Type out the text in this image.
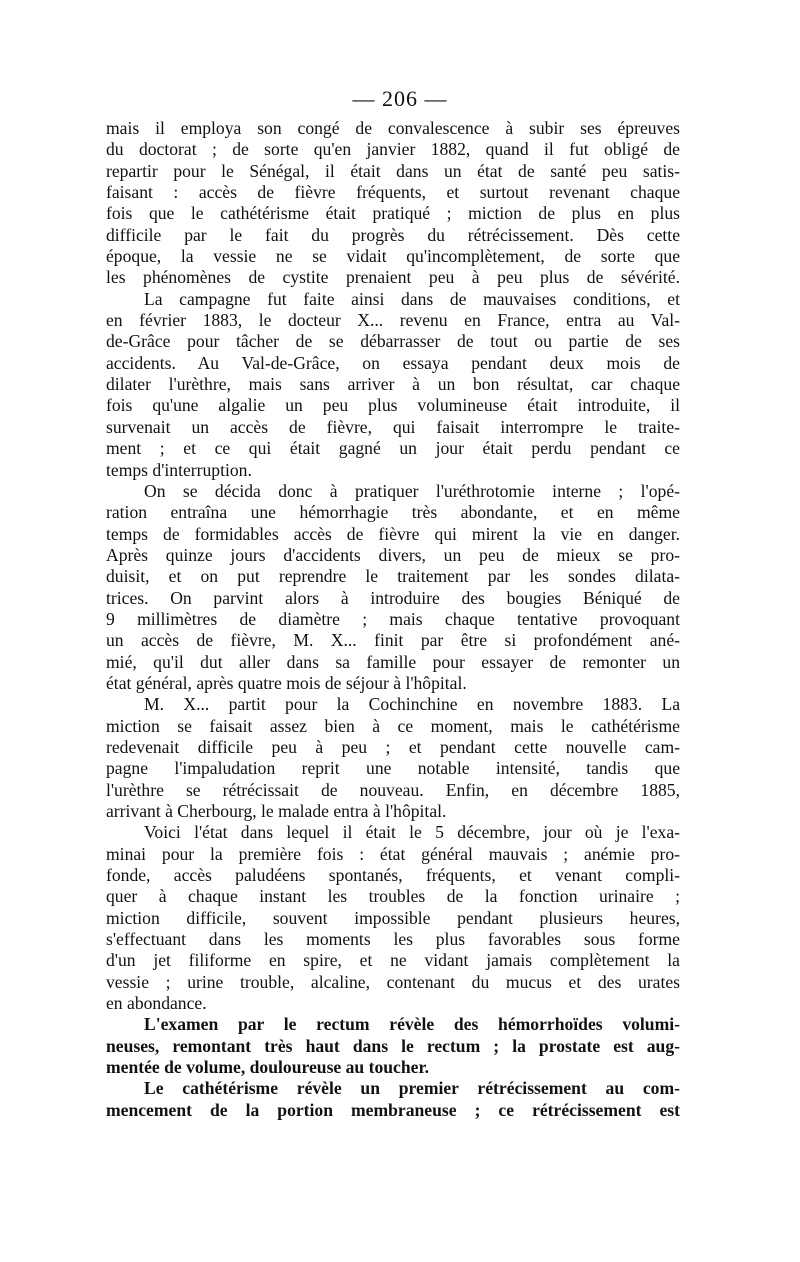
— 206 —
mais il employa son congé de convalescence à subir ses épreuves
du doctorat ; de sorte qu'en janvier 1882, quand il fut obligé de
repartir pour le Sénégal, il était dans un état de santé peu satis-
faisant : accès de fièvre fréquents, et surtout revenant chaque
fois que le cathétérisme était pratiqué ; miction de plus en plus
difficile par le fait du progrès du rétrécissement. Dès cette
époque, la vessie ne se vidait qu'incomplètement, de sorte que
les phénomènes de cystite prenaient peu à peu plus de sévérité.
La campagne fut faite ainsi dans de mauvaises conditions, et
en février 1883, le docteur X... revenu en France, entra au Val-
de-Grâce pour tâcher de se débarrasser de tout ou partie de ses
accidents. Au Val-de-Grâce, on essaya pendant deux mois de
dilater l'urèthre, mais sans arriver à un bon résultat, car chaque
fois qu'une algalie un peu plus volumineuse était introduite, il
survenait un accès de fièvre, qui faisait interrompre le traite-
ment ; et ce qui était gagné un jour était perdu pendant ce
temps d'interruption.
On se décida donc à pratiquer l'uréthrotomie interne ; l'opé-
ration entraîna une hémorrhagie très abondante, et en même
temps de formidables accès de fièvre qui mirent la vie en danger.
Après quinze jours d'accidents divers, un peu de mieux se pro-
duisit, et on put reprendre le traitement par les sondes dilata-
trices. On parvint alors à introduire des bougies Béniqué de
9 millimètres de diamètre ; mais chaque tentative provoquant
un accès de fièvre, M. X... finit par être si profondément ané-
mié, qu'il dut aller dans sa famille pour essayer de remonter un
état général, après quatre mois de séjour à l'hôpital.
M. X... partit pour la Cochinchine en novembre 1883. La
miction se faisait assez bien à ce moment, mais le cathétérisme
redevenait difficile peu à peu ; et pendant cette nouvelle cam-
pagne l'impaludation reprit une notable intensité, tandis que
l'urèthre se rétrécissait de nouveau. Enfin, en décembre 1885,
arrivant à Cherbourg, le malade entra à l'hôpital.
Voici l'état dans lequel il était le 5 décembre, jour où je l'exa-
minai pour la première fois : état général mauvais ; anémie pro-
fonde, accès paludéens spontanés, fréquents, et venant compli-
quer à chaque instant les troubles de la fonction urinaire ;
miction difficile, souvent impossible pendant plusieurs heures,
s'effectuant dans les moments les plus favorables sous forme
d'un jet filiforme en spire, et ne vidant jamais complètement la
vessie ; urine trouble, alcaline, contenant du mucus et des urates
en abondance.
L'examen par le rectum révèle des hémorrhoïdes volumi-
neuses, remontant très haut dans le rectum ; la prostate est aug-
mentée de volume, douloureuse au toucher.
Le cathétérisme révèle un premier rétrécissement au com-
mencement de la portion membraneuse ; ce rétrécissement est
